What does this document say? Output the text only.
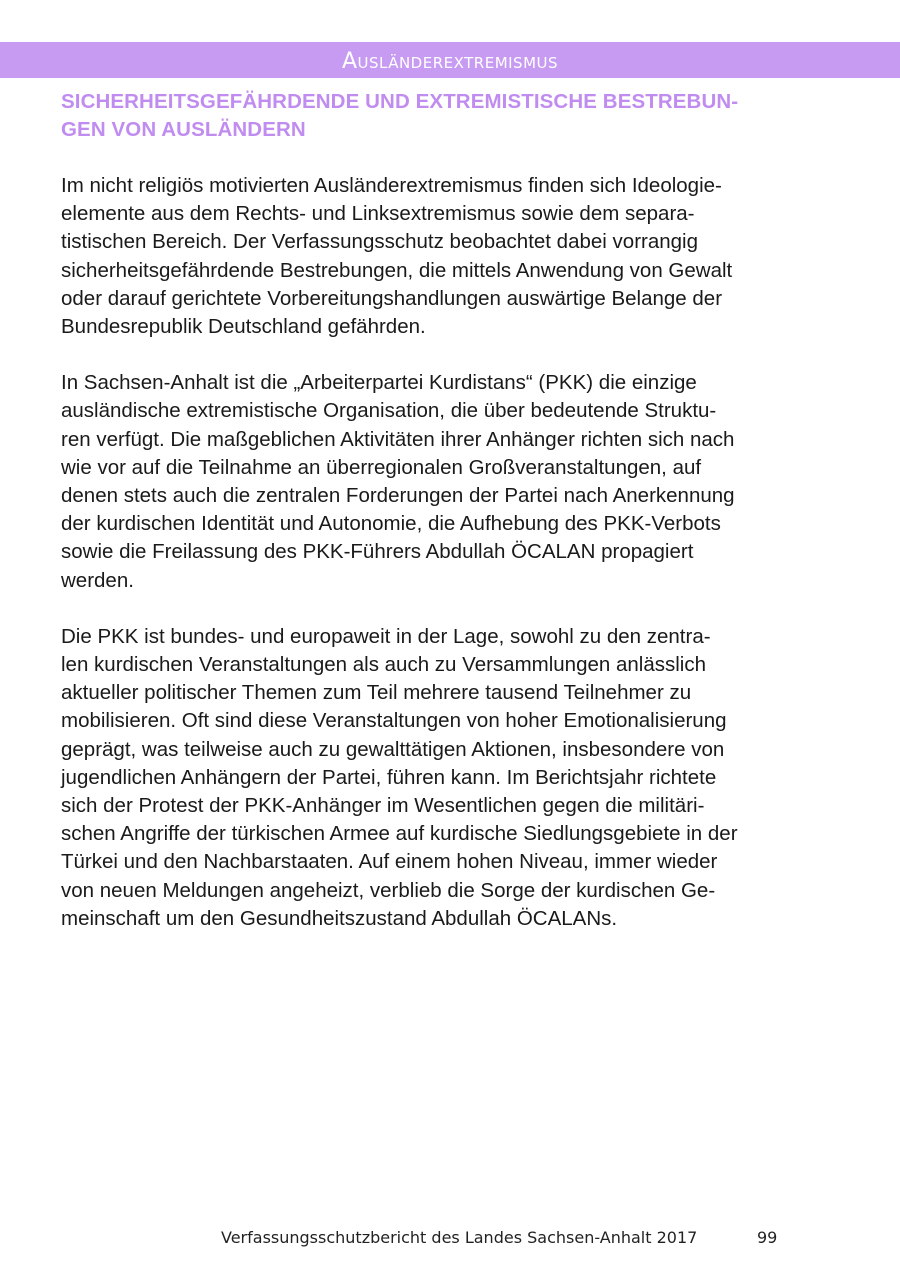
Ausländerextremismus
SICHERHEITSGEFÄHRDENDE UND EXTREMISTISCHE BESTREBUN-
GEN VON AUSLÄNDERN

Im nicht religiös motivierten Ausländerextremismus finden sich Ideologie-
elemente aus dem Rechts- und Linksextremismus sowie dem separa-
tistischen Bereich. Der Verfassungsschutz beobachtet dabei vorrangig
sicherheitsgefährdende Bestrebungen, die mittels Anwendung von Gewalt
oder darauf gerichtete Vorbereitungshandlungen auswärtige Belange der
Bundesrepublik Deutschland gefährden.

In Sachsen-Anhalt ist die „Arbeiterpartei Kurdistans“ (PKK) die einzige
ausländische extremistische Organisation, die über bedeutende Struktu-
ren verfügt. Die maßgeblichen Aktivitäten ihrer Anhänger richten sich nach
wie vor auf die Teilnahme an überregionalen Großveranstaltungen, auf
denen stets auch die zentralen Forderungen der Partei nach Anerkennung
der kurdischen Identität und Autonomie, die Aufhebung des PKK-Verbots
sowie die Freilassung des PKK-Führers Abdullah ÖCALAN propagiert
werden.

Die PKK ist bundes- und europaweit in der Lage, sowohl zu den zentra-
len kurdischen Veranstaltungen als auch zu Versammlungen anlässlich
aktueller politischer Themen zum Teil mehrere tausend Teilnehmer zu
mobilisieren. Oft sind diese Veranstaltungen von hoher Emotionalisierung
geprägt, was teilweise auch zu gewalttätigen Aktionen, insbesondere von
jugendlichen Anhängern der Partei, führen kann. Im Berichtsjahr richtete
sich der Protest der PKK-Anhänger im Wesentlichen gegen die militäri-
schen Angriffe der türkischen Armee auf kurdische Siedlungsgebiete in der
Türkei und den Nachbarstaaten. Auf einem hohen Niveau, immer wieder
von neuen Meldungen angeheizt, verblieb die Sorge der kurdischen Ge-
meinschaft um den Gesundheitszustand Abdullah ÖCALANs.

Verfassungsschutzbericht des Landes Sachsen-Anhalt 2017	99
